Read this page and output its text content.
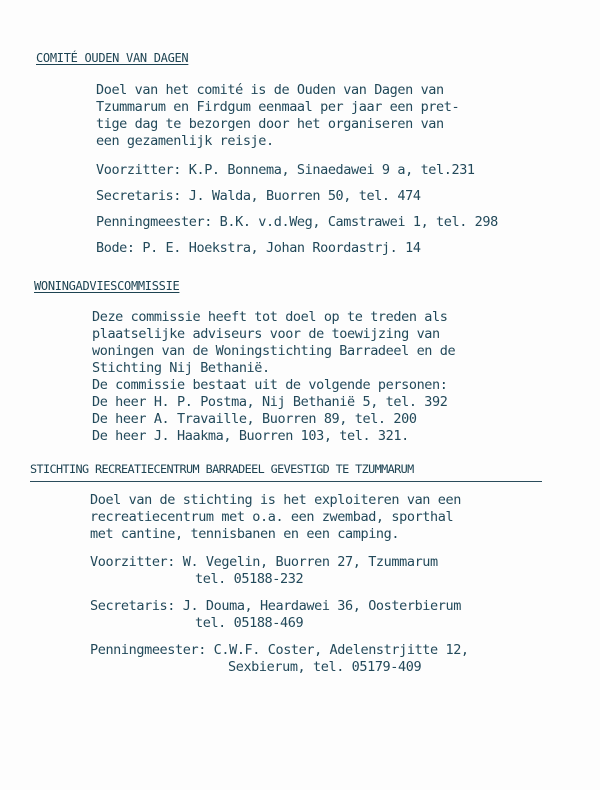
COMITÉ OUDEN VAN DAGEN
Doel van het comité is de Ouden van Dagen van
Tzummarum en Firdgum eenmaal per jaar een pret-
tige dag te bezorgen door het organiseren van
een gezamenlijk reisje.
Voorzitter: K.P. Bonnema, Sinaedawei 9 a, tel.231
Secretaris: J. Walda, Buorren 50, tel. 474
Penningmeester: B.K. v.d.Weg, Camstrawei 1, tel. 298
Bode: P. E. Hoekstra, Johan Roordastrj. 14
WONINGADVIESCOMMISSIE
Deze commissie heeft tot doel op te treden als
plaatselijke adviseurs voor de toewijzing van
woningen van de Woningstichting Barradeel en de
Stichting Nij Bethanië.
De commissie bestaat uit de volgende personen:
De heer H. P. Postma, Nij Bethanië 5, tel. 392
De heer A. Travaille, Buorren 89, tel. 200
De heer J. Haakma, Buorren 103, tel. 321.
STICHTING RECREATIECENTRUM BARRADEEL GEVESTIGD TE TZUMMARUM
Doel van de stichting is het exploiteren van een
recreatiecentrum met o.a. een zwembad, sporthal
met cantine, tennisbanen en een camping.
Voorzitter: W. Vegelin, Buorren 27, Tzummarum
tel. 05188-232
Secretaris: J. Douma, Heardawei 36, Oosterbierum
tel. 05188-469
Penningmeester: C.W.F. Coster, Adelenstrjitte 12,
Sexbierum, tel. 05179-409
